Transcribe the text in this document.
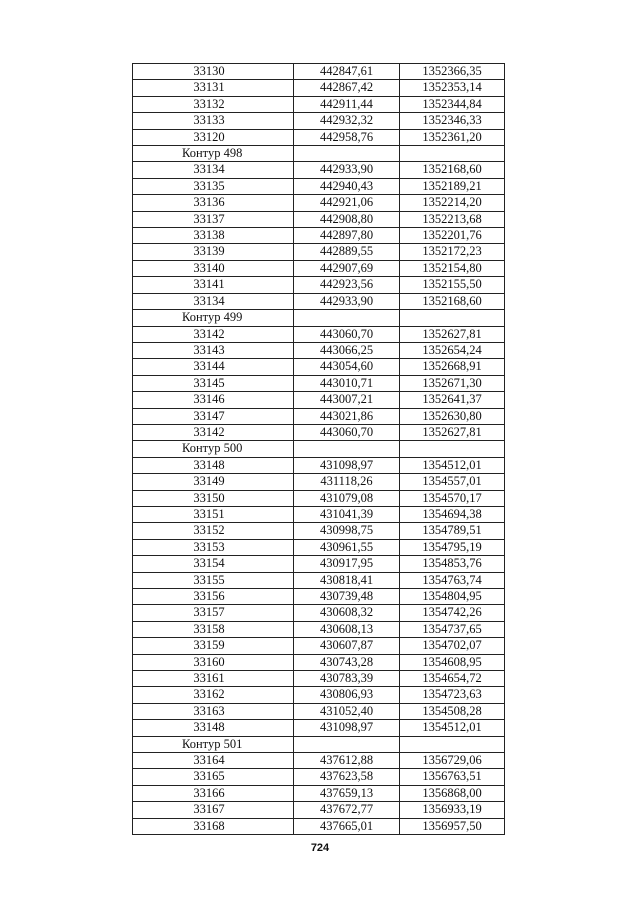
33130	442847,61	1352366,35
33131	442867,42	1352353,14
33132	442911,44	1352344,84
33133	442932,32	1352346,33
33120	442958,76	1352361,20
Контур 498		
33134	442933,90	1352168,60
33135	442940,43	1352189,21
33136	442921,06	1352214,20
33137	442908,80	1352213,68
33138	442897,80	1352201,76
33139	442889,55	1352172,23
33140	442907,69	1352154,80
33141	442923,56	1352155,50
33134	442933,90	1352168,60
Контур 499		
33142	443060,70	1352627,81
33143	443066,25	1352654,24
33144	443054,60	1352668,91
33145	443010,71	1352671,30
33146	443007,21	1352641,37
33147	443021,86	1352630,80
33142	443060,70	1352627,81
Контур 500		
33148	431098,97	1354512,01
33149	431118,26	1354557,01
33150	431079,08	1354570,17
33151	431041,39	1354694,38
33152	430998,75	1354789,51
33153	430961,55	1354795,19
33154	430917,95	1354853,76
33155	430818,41	1354763,74
33156	430739,48	1354804,95
33157	430608,32	1354742,26
33158	430608,13	1354737,65
33159	430607,87	1354702,07
33160	430743,28	1354608,95
33161	430783,39	1354654,72
33162	430806,93	1354723,63
33163	431052,40	1354508,28
33148	431098,97	1354512,01
Контур 501		
33164	437612,88	1356729,06
33165	437623,58	1356763,51
33166	437659,13	1356868,00
33167	437672,77	1356933,19
33168	437665,01	1356957,50
724
